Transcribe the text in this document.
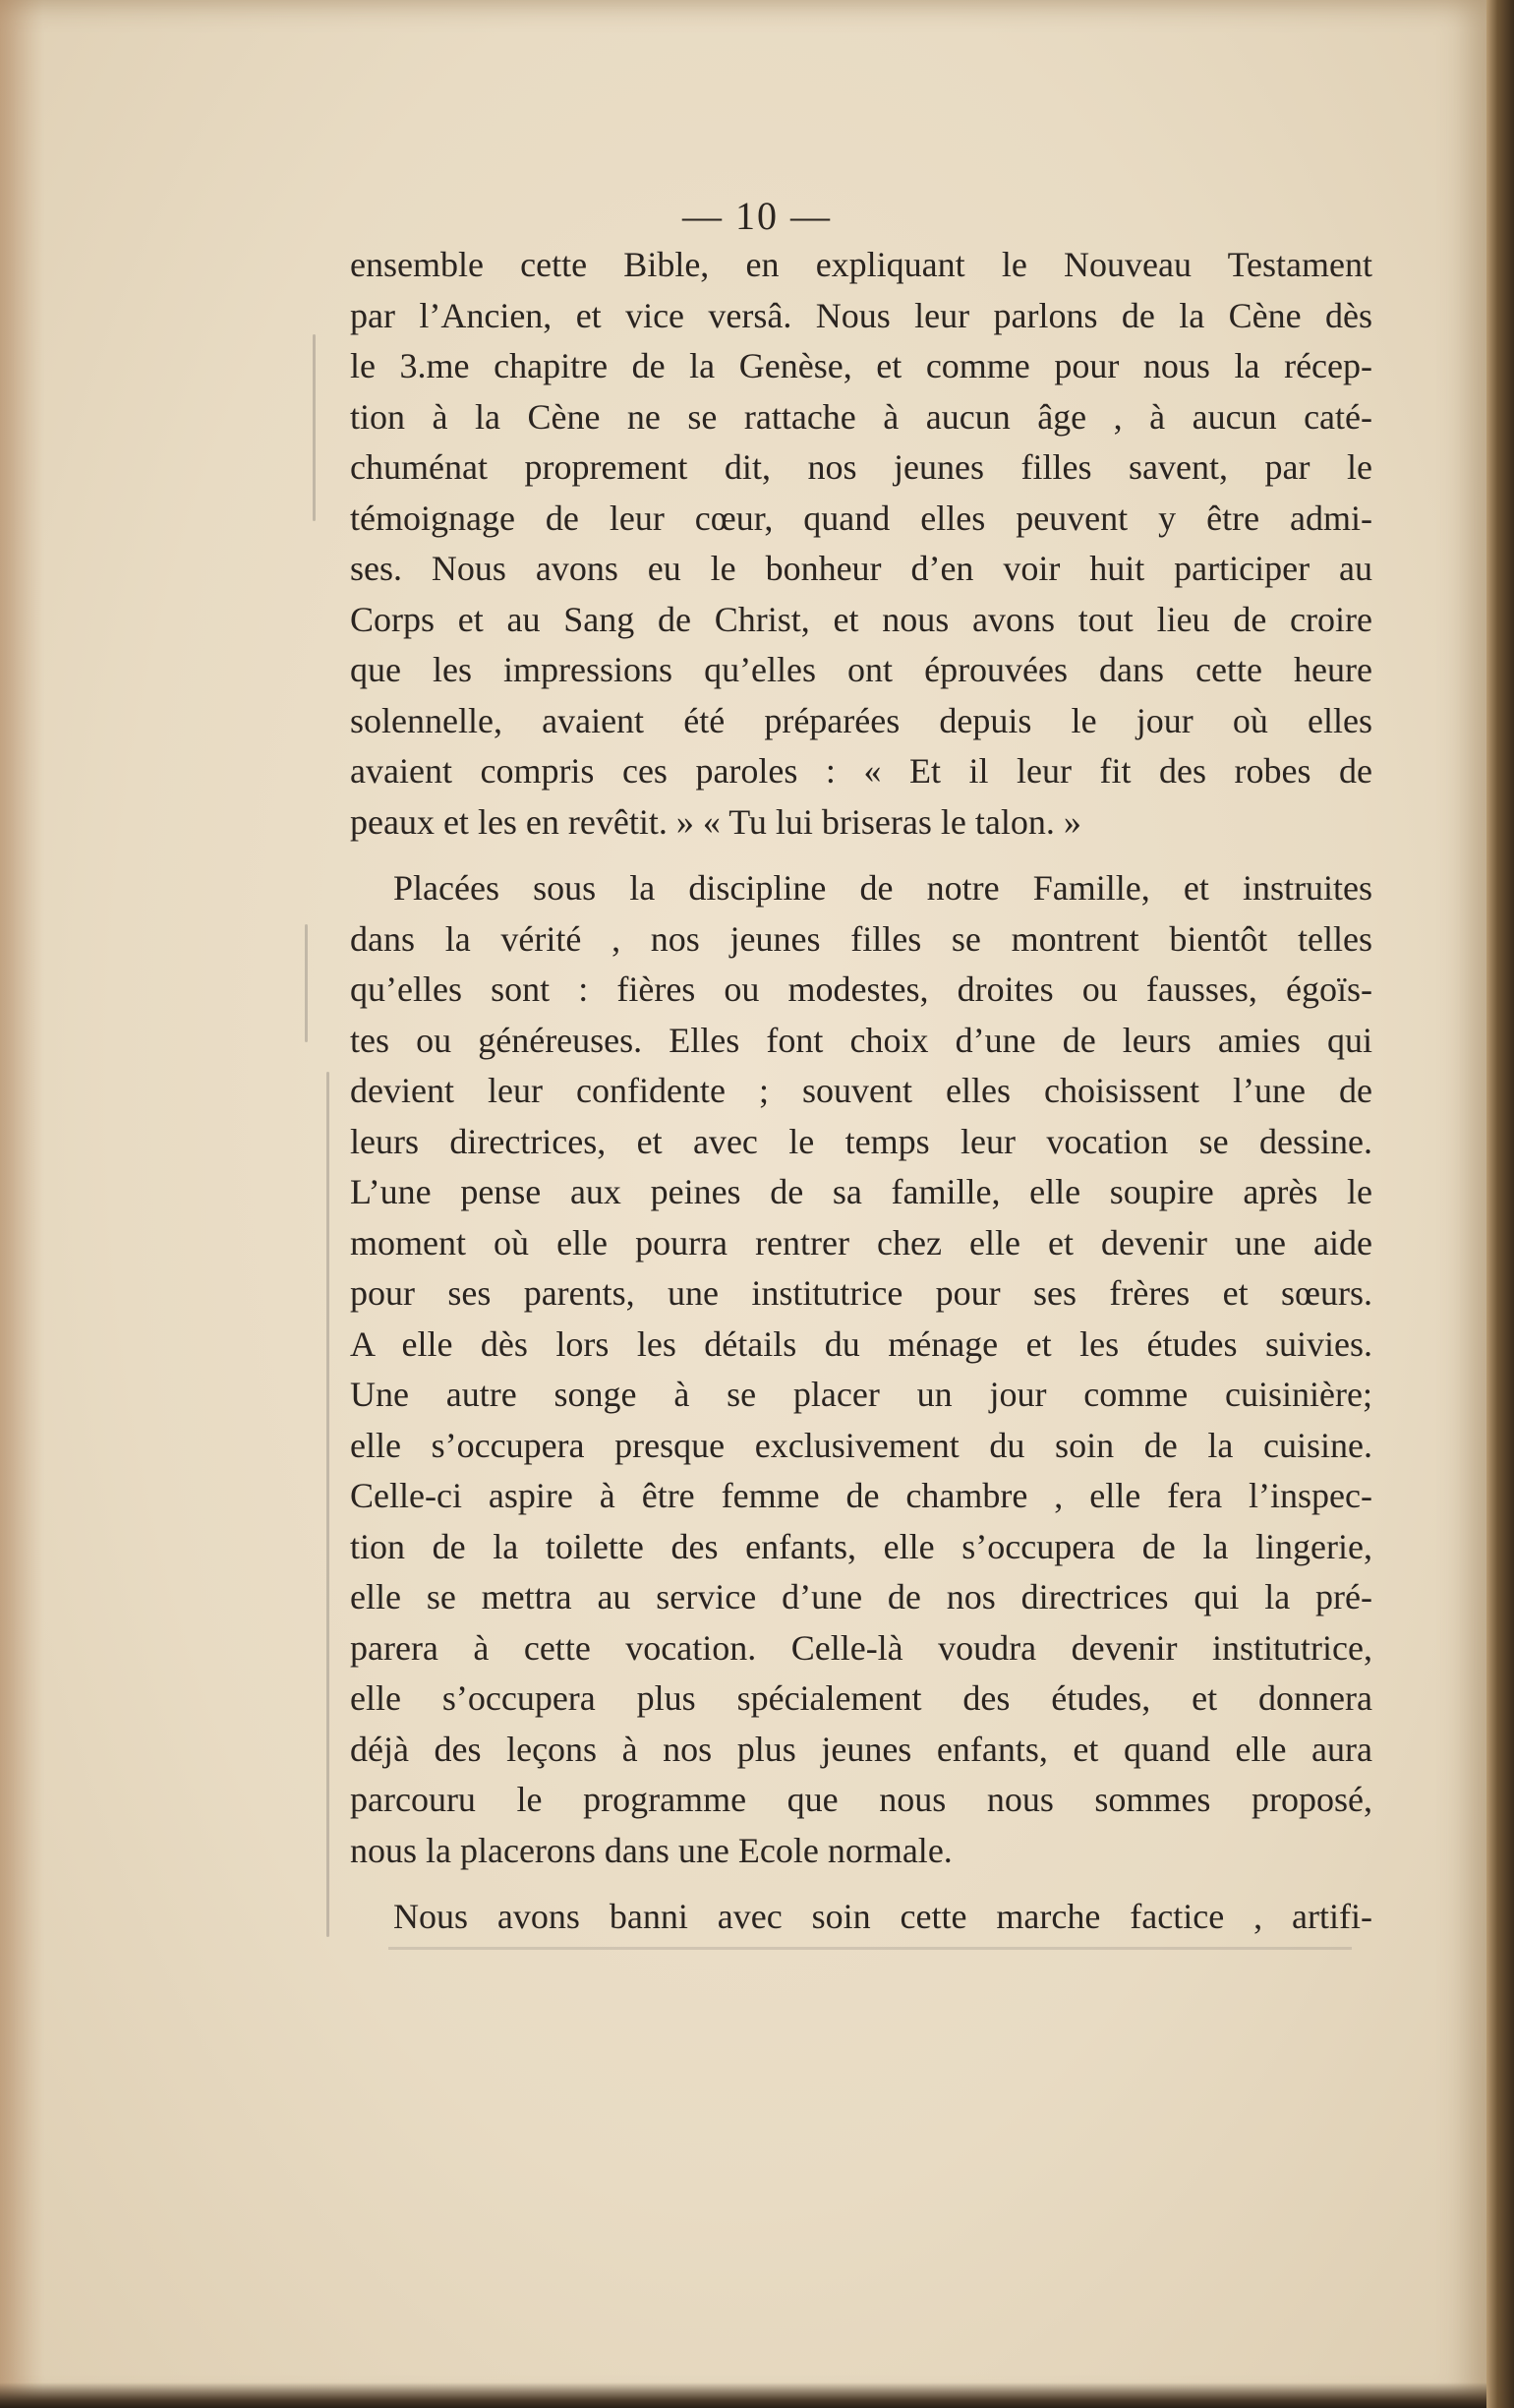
— 10 —
ensemble cette Bible, en expliquant le Nouveau Testament
par l’Ancien, et vice versâ. Nous leur parlons de la Cène dès
le 3.me chapitre de la Genèse, et comme pour nous la récep-
tion à la Cène ne se rattache à aucun âge , à aucun caté-
chuménat proprement dit, nos jeunes filles savent, par le
témoignage de leur cœur, quand elles peuvent y être admi-
ses. Nous avons eu le bonheur d’en voir huit participer au
Corps et au Sang de Christ, et nous avons tout lieu de croire
que les impressions qu’elles ont éprouvées dans cette heure
solennelle, avaient été préparées depuis le jour où elles
avaient compris ces paroles : « Et il leur fit des robes de
peaux et les en revêtit. » « Tu lui briseras le talon. »
Placées sous la discipline de notre Famille, et instruites
dans la vérité , nos jeunes filles se montrent bientôt telles
qu’elles sont : fières ou modestes, droites ou fausses, égoïs-
tes ou généreuses. Elles font choix d’une de leurs amies qui
devient leur confidente ; souvent elles choisissent l’une de
leurs directrices, et avec le temps leur vocation se dessine.
L’une pense aux peines de sa famille, elle soupire après le
moment où elle pourra rentrer chez elle et devenir une aide
pour ses parents, une institutrice pour ses frères et sœurs.
A elle dès lors les détails du ménage et les études suivies.
Une autre songe à se placer un jour comme cuisinière;
elle s’occupera presque exclusivement du soin de la cuisine.
Celle-ci aspire à être femme de chambre , elle fera l’inspec-
tion de la toilette des enfants, elle s’occupera de la lingerie,
elle se mettra au service d’une de nos directrices qui la pré-
parera à cette vocation. Celle-là voudra devenir institutrice,
elle s’occupera plus spécialement des études, et donnera
déjà des leçons à nos plus jeunes enfants, et quand elle aura
parcouru le programme que nous nous sommes proposé,
nous la placerons dans une Ecole normale.
Nous avons banni avec soin cette marche factice , artifi-
